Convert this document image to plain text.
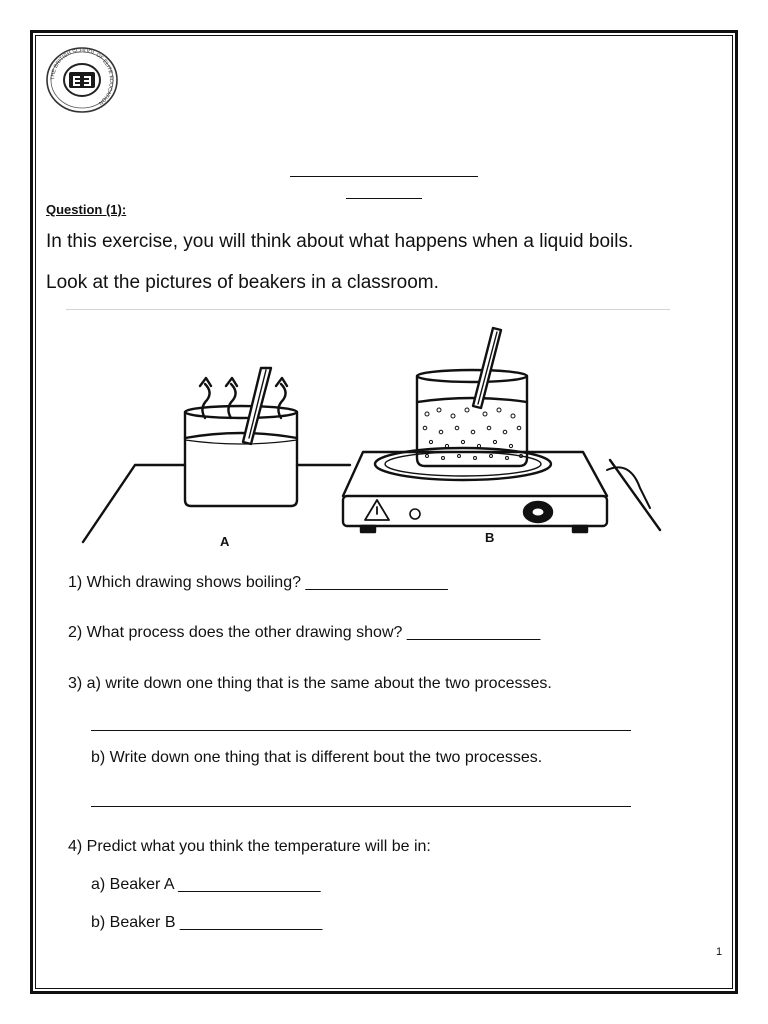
THE BRITISH SCHOOL OF ELITE EDUCATION
Question (1):
In this exercise, you will think about what happens when a liquid boils.
Look at the pictures of beakers in a classroom.
A	B
1) Which drawing shows boiling? ________________
2) What process does the other drawing show? _______________
3) a) write down one thing that is the same about the two processes.
b) Write down one thing that is different bout the two processes.
4) Predict what you think the temperature will be in:
a) Beaker A ________________
b) Beaker B ________________
1
